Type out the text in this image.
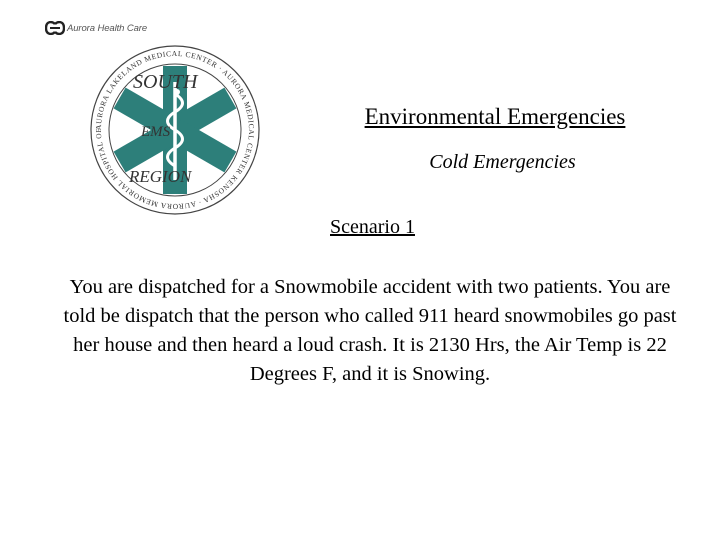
Aurora Health Care
AURORA LAKELAND MEDICAL CENTER · AURORA MEDICAL CENTER KENOSHA · AURORA MEMORIAL HOSPITAL OF
SOUTH
EMS
REGION
Environmental Emergencies
Cold Emergencies
Scenario 1
You are dispatched for a Snowmobile accident with two patients. You are told be dispatch that the person who called 911 heard snowmobiles go past her house and then heard a loud crash. It is 2130 Hrs, the Air Temp is 22 Degrees F, and it is Snowing.
